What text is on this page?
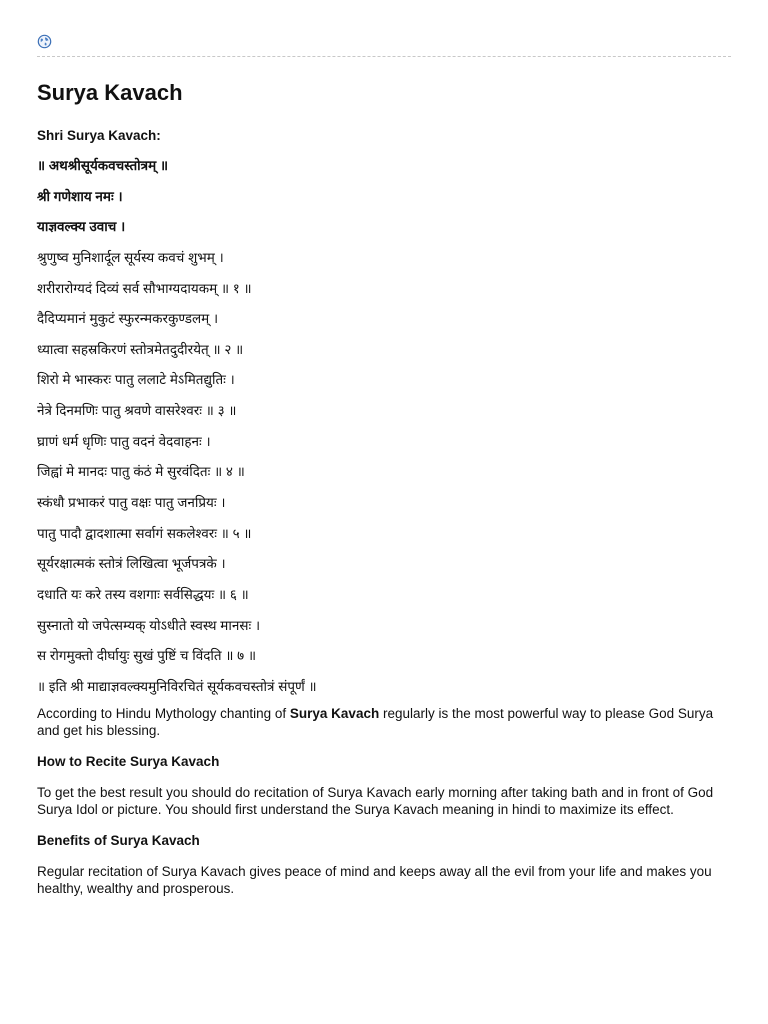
Surya Kavach
Shri Surya Kavach:
॥ अथश्रीसूर्यकवचस्तोत्रम् ॥
श्री गणेशाय नमः ।
याज्ञवल्क्य उवाच ।
श्रुणुष्व मुनिशार्दूल सूर्यस्य कवचं शुभम् ।
शरीरारोग्यदं दिव्यं सर्व सौभाग्यदायकम् ॥ १ ॥
दैदिप्यमानं मुकुटं स्फुरन्मकरकुण्डलम् ।
ध्यात्वा सहस्रकिरणं स्तोत्रमेतदुदीरयेत् ॥ २ ॥
शिरो मे भास्करः पातु ललाटे मेऽमितद्युतिः ।
नेत्रे दिनमणिः पातु श्रवणे वासरेश्वरः ॥ ३ ॥
घ्राणं धर्म धृणिः पातु वदनं वेदवाहनः ।
जिह्वां मे मानदः पातु कंठं मे सुरवंदितः ॥ ४ ॥
स्कंधौ प्रभाकरं पातु वक्षः पातु जनप्रियः ।
पातु पादौ द्वादशात्मा सर्वागं सकलेश्वरः ॥ ५ ॥
सूर्यरक्षात्मकं स्तोत्रं लिखित्वा भूर्जपत्रके ।
दधाति यः करे तस्य वशगाः सर्वसिद्धयः ॥ ६ ॥
सुस्नातो यो जपेत्सम्यक् योऽधीते स्वस्थ मानसः ।
स रोगमुक्तो दीर्घायुः सुखं पुष्टिं च विंदति ॥ ७ ॥
॥ इति श्री माद्याज्ञवल्क्यमुनिविरचितं सूर्यकवचस्तोत्रं संपूर्णं ॥

According to Hindu Mythology chanting of Surya Kavach regularly is the most powerful way to please God Surya and get his blessing.

How to Recite Surya Kavach

To get the best result you should do recitation of Surya Kavach early morning after taking bath and in front of God Surya Idol or picture. You should first understand the Surya Kavach meaning in hindi to maximize its effect.

Benefits of Surya Kavach

Regular recitation of Surya Kavach gives peace of mind and keeps away all the evil from your life and makes you healthy, wealthy and prosperous.
